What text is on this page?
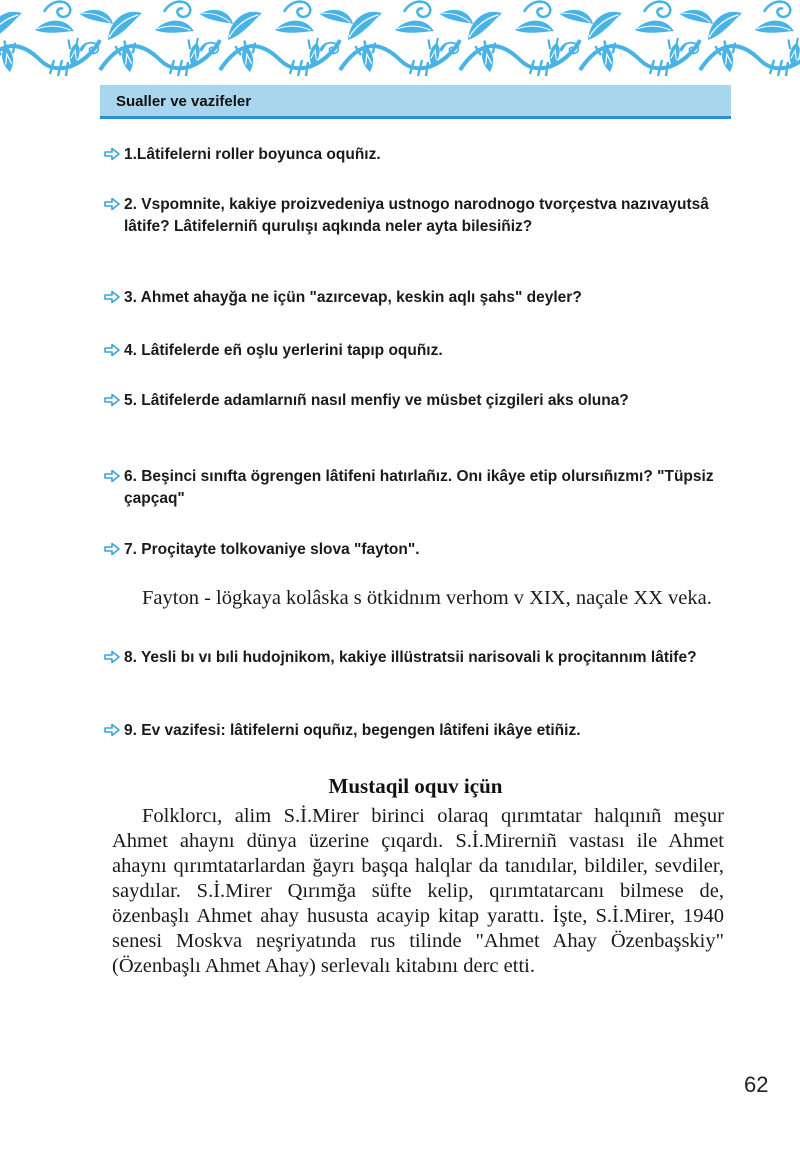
Sualler ve vazifeler
1.Lâtifelerni roller boyunca oquñız.
2. Vspomnite, kakiye proizvedeniya ustnogo narodnogo tvorçestva nazıvayutsâ lâtife? Lâtifelerniñ qurulışı aqkında neler ayta bilesiñiz?
3. Ahmet ahayğa ne içün "azırcevap, keskin aqlı şahs" deyler?
4. Lâtifelerde eñ oşlu yerlerini tapıp oquñız.
5. Lâtifelerde adamlarnıñ nasıl menfiy ve müsbet çizgileri aks oluna?
6. Beşinci sınıfta ögrengen lâtifeni hatırlañız. Onı ikâye etip olursıñızmı? "Tüpsiz çapçaq"
7. Proçitayte tolkovaniye slova "fayton".
Fayton - lögkaya kolâska s ötkidnım verhom v XIX, naçale XX veka.
8. Yesli bı vı bıli hudojnikom, kakiye illüstratsii narisovali k proçitannım lâtife?
9. Ev vazifesi: lâtifelerni oquñız, begengen lâtifeni ikâye etiñiz.
Mustaqil oquv içün
Folklorcı, alim S.İ.Mirer birinci olaraq qırımtatar halqınıñ meşur Ahmet ahaynı dünya üzerine çıqardı. S.İ.Mirerniñ vastası ile Ahmet ahaynı qırımtatarlardan ğayrı başqa halqlar da tanıdılar, bildiler, sevdiler, saydılar. S.İ.Mirer Qırımğa süfte kelip, qırımtatarcanı bilmese de, özenbaşlı Ahmet ahay hususta acayip kitap yarattı. İşte, S.İ.Mirer, 1940 senesi Moskva neşriyatında rus tilinde "Ahmet Ahay Özenbaşskiy" (Özenbaşlı Ahmet Ahay) serlevalı kitabını derc etti.
62
